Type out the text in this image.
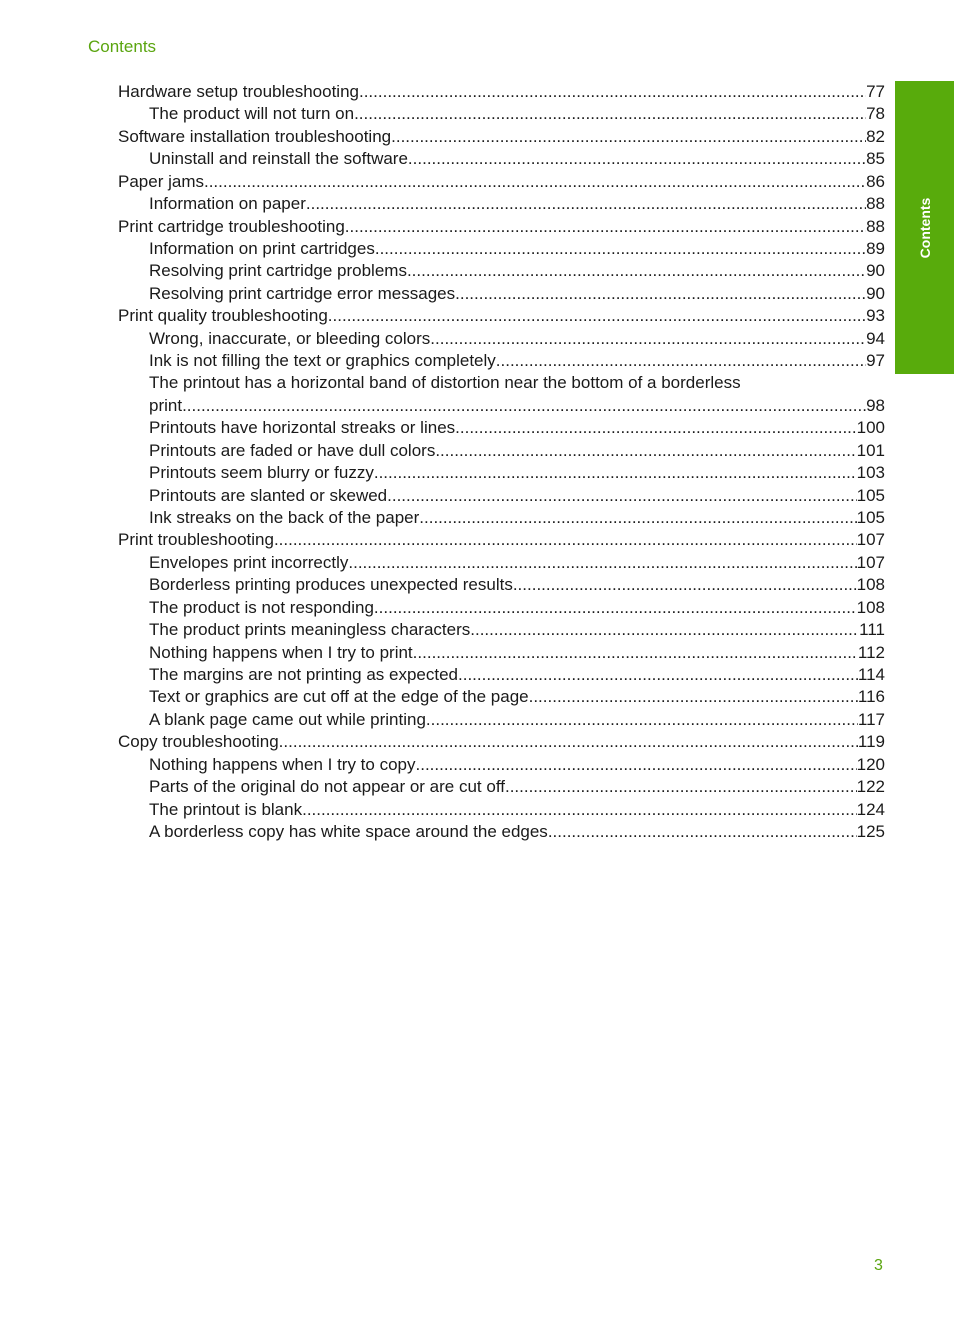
Contents
Contents
Hardware setup troubleshooting .....	77
The product will not turn on .....	78
Software installation troubleshooting .....	82
Uninstall and reinstall the software .....	85
Paper jams .....	86
Information on paper .....	88
Print cartridge troubleshooting .....	88
Information on print cartridges .....	89
Resolving print cartridge problems .....	90
Resolving print cartridge error messages .....	90
Print quality troubleshooting .....	93
Wrong, inaccurate, or bleeding colors .....	94
Ink is not filling the text or graphics completely .....	97
The printout has a horizontal band of distortion near the bottom of a borderless
print .....	98
Printouts have horizontal streaks or lines .....	100
Printouts are faded or have dull colors .....	101
Printouts seem blurry or fuzzy .....	103
Printouts are slanted or skewed .....	105
Ink streaks on the back of the paper .....	105
Print troubleshooting .....	107
Envelopes print incorrectly .....	107
Borderless printing produces unexpected results .....	108
The product is not responding .....	108
The product prints meaningless characters .....	111
Nothing happens when I try to print .....	112
The margins are not printing as expected .....	114
Text or graphics are cut off at the edge of the page .....	116
A blank page came out while printing .....	117
Copy troubleshooting .....	119
Nothing happens when I try to copy .....	120
Parts of the original do not appear or are cut off .....	122
The printout is blank .....	124
A borderless copy has white space around the edges .....	125
3
